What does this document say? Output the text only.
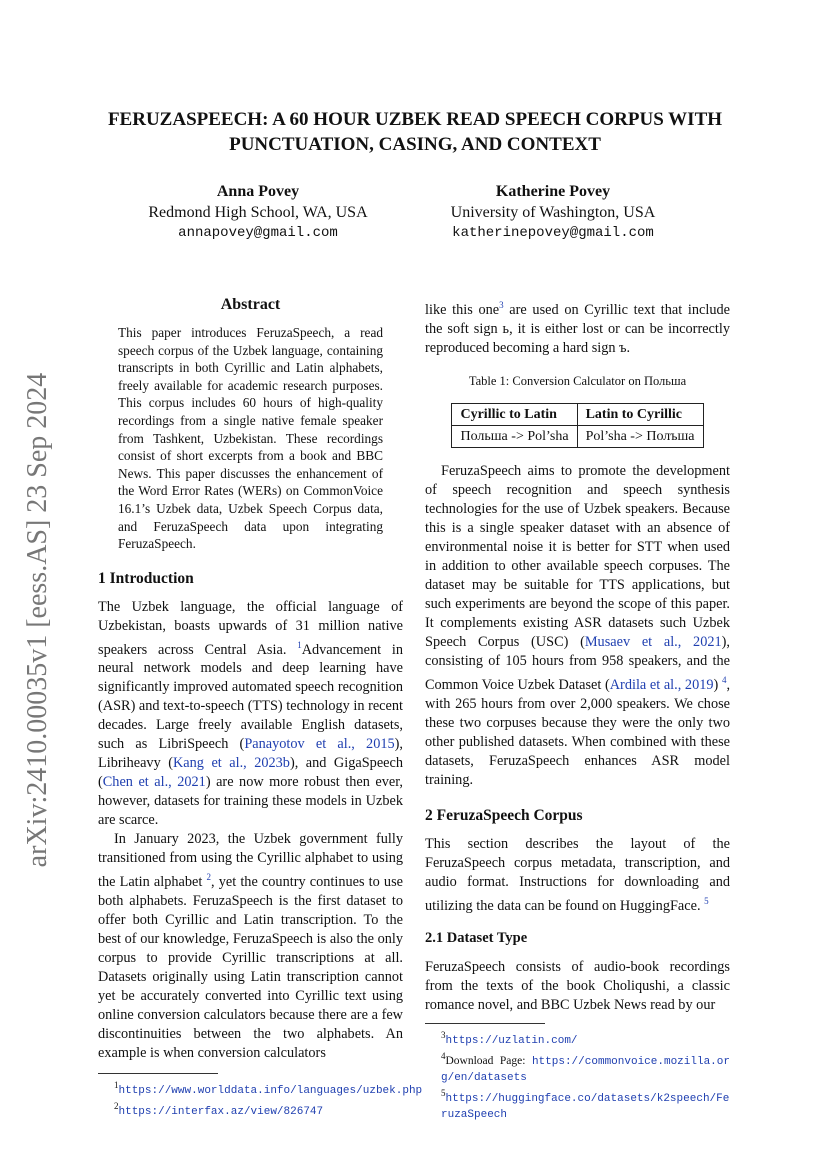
arXiv:2410.00035v1 [eess.AS] 23 Sep 2024
FERUZASPEECH: A 60 HOUR UZBEK READ SPEECH CORPUS WITH
PUNCTUATION, CASING, AND CONTEXT
Anna Povey
Redmond High School, WA, USA
annapovey@gmail.com
Katherine Povey
University of Washington, USA
katherinepovey@gmail.com
Abstract
This paper introduces FeruzaSpeech, a read speech corpus of the Uzbek language, containing transcripts in both Cyrillic and Latin alphabets, freely available for academic research purposes. This corpus includes 60 hours of high-quality recordings from a single native female speaker from Tashkent, Uzbekistan. These recordings consist of short excerpts from a book and BBC News. This paper discusses the enhancement of the Word Error Rates (WERs) on CommonVoice 16.1’s Uzbek data, Uzbek Speech Corpus data, and FeruzaSpeech data upon integrating FeruzaSpeech.
1 Introduction

The Uzbek language, the official language of Uzbekistan, boasts upwards of 31 million native speakers across Central Asia. $^1$Advancement in neural network models and deep learning have significantly improved automated speech recognition (ASR) and text-to-speech (TTS) technology in recent decades. Large freely available English datasets, such as LibriSpeech (Panayotov et al., 2015), Libriheavy (Kang et al., 2023b), and GigaSpeech (Chen et al., 2021) are now more robust then ever, however, datasets for training these models in Uzbek are scarce.

In January 2023, the Uzbek government fully transitioned from using the Cyrillic alphabet to using the Latin alphabet $^2$, yet the country continues to use both alphabets. FeruzaSpeech is the first dataset to offer both Cyrillic and Latin transcription. To the best of our knowledge, FeruzaSpeech is also the only corpus to provide Cyrillic transcriptions at all. Datasets originally using Latin transcription cannot yet be accurately converted into Cyrillic text using online conversion calculators because there are a few discontinuities between the two alphabets. An example is when conversion calculators

$^1$https://www.worlddata.info/languages/uzbek.php
$^2$https://interfax.az/view/826747

like this one$^3$ are used on Cyrillic text that include the soft sign ь, it is either lost or can be incorrectly reproduced becoming a hard sign ъ.

Table 1: Conversion Calculator on Польша
Cyrillic to Latin	Latin to Cyrillic
Польша -> Pol’sha	Pol’sha -> Полъша

FeruzaSpeech aims to promote the development of speech recognition and speech synthesis technologies for the use of Uzbek speakers. Because this is a single speaker dataset with an absence of environmental noise it is better for STT when used in addition to other available speech corpuses. The dataset may be suitable for TTS applications, but such experiments are beyond the scope of this paper. It complements existing ASR datasets such Uzbek Speech Corpus (USC) (Musaev et al., 2021), consisting of 105 hours from 958 speakers, and the Common Voice Uzbek Dataset (Ardila et al., 2019) $^4$, with 265 hours from over 2,000 speakers. We chose these two corpuses because they were the only two other published datasets. When combined with these datasets, FeruzaSpeech enhances ASR model training.

2 FeruzaSpeech Corpus

This section describes the layout of the FeruzaSpeech corpus metadata, transcription, and audio format. Instructions for downloading and utilizing the data can be found on HuggingFace. $^5$

2.1 Dataset Type

FeruzaSpeech consists of audio-book recordings from the texts of the book Choliqushi, a classic romance novel, and BBC Uzbek News read by our

$^3$https://uzlatin.com/
$^4$Download Page: https://commonvoice.mozilla.org/en/datasets
$^5$https://huggingface.co/datasets/k2speech/FeruzaSpeech
